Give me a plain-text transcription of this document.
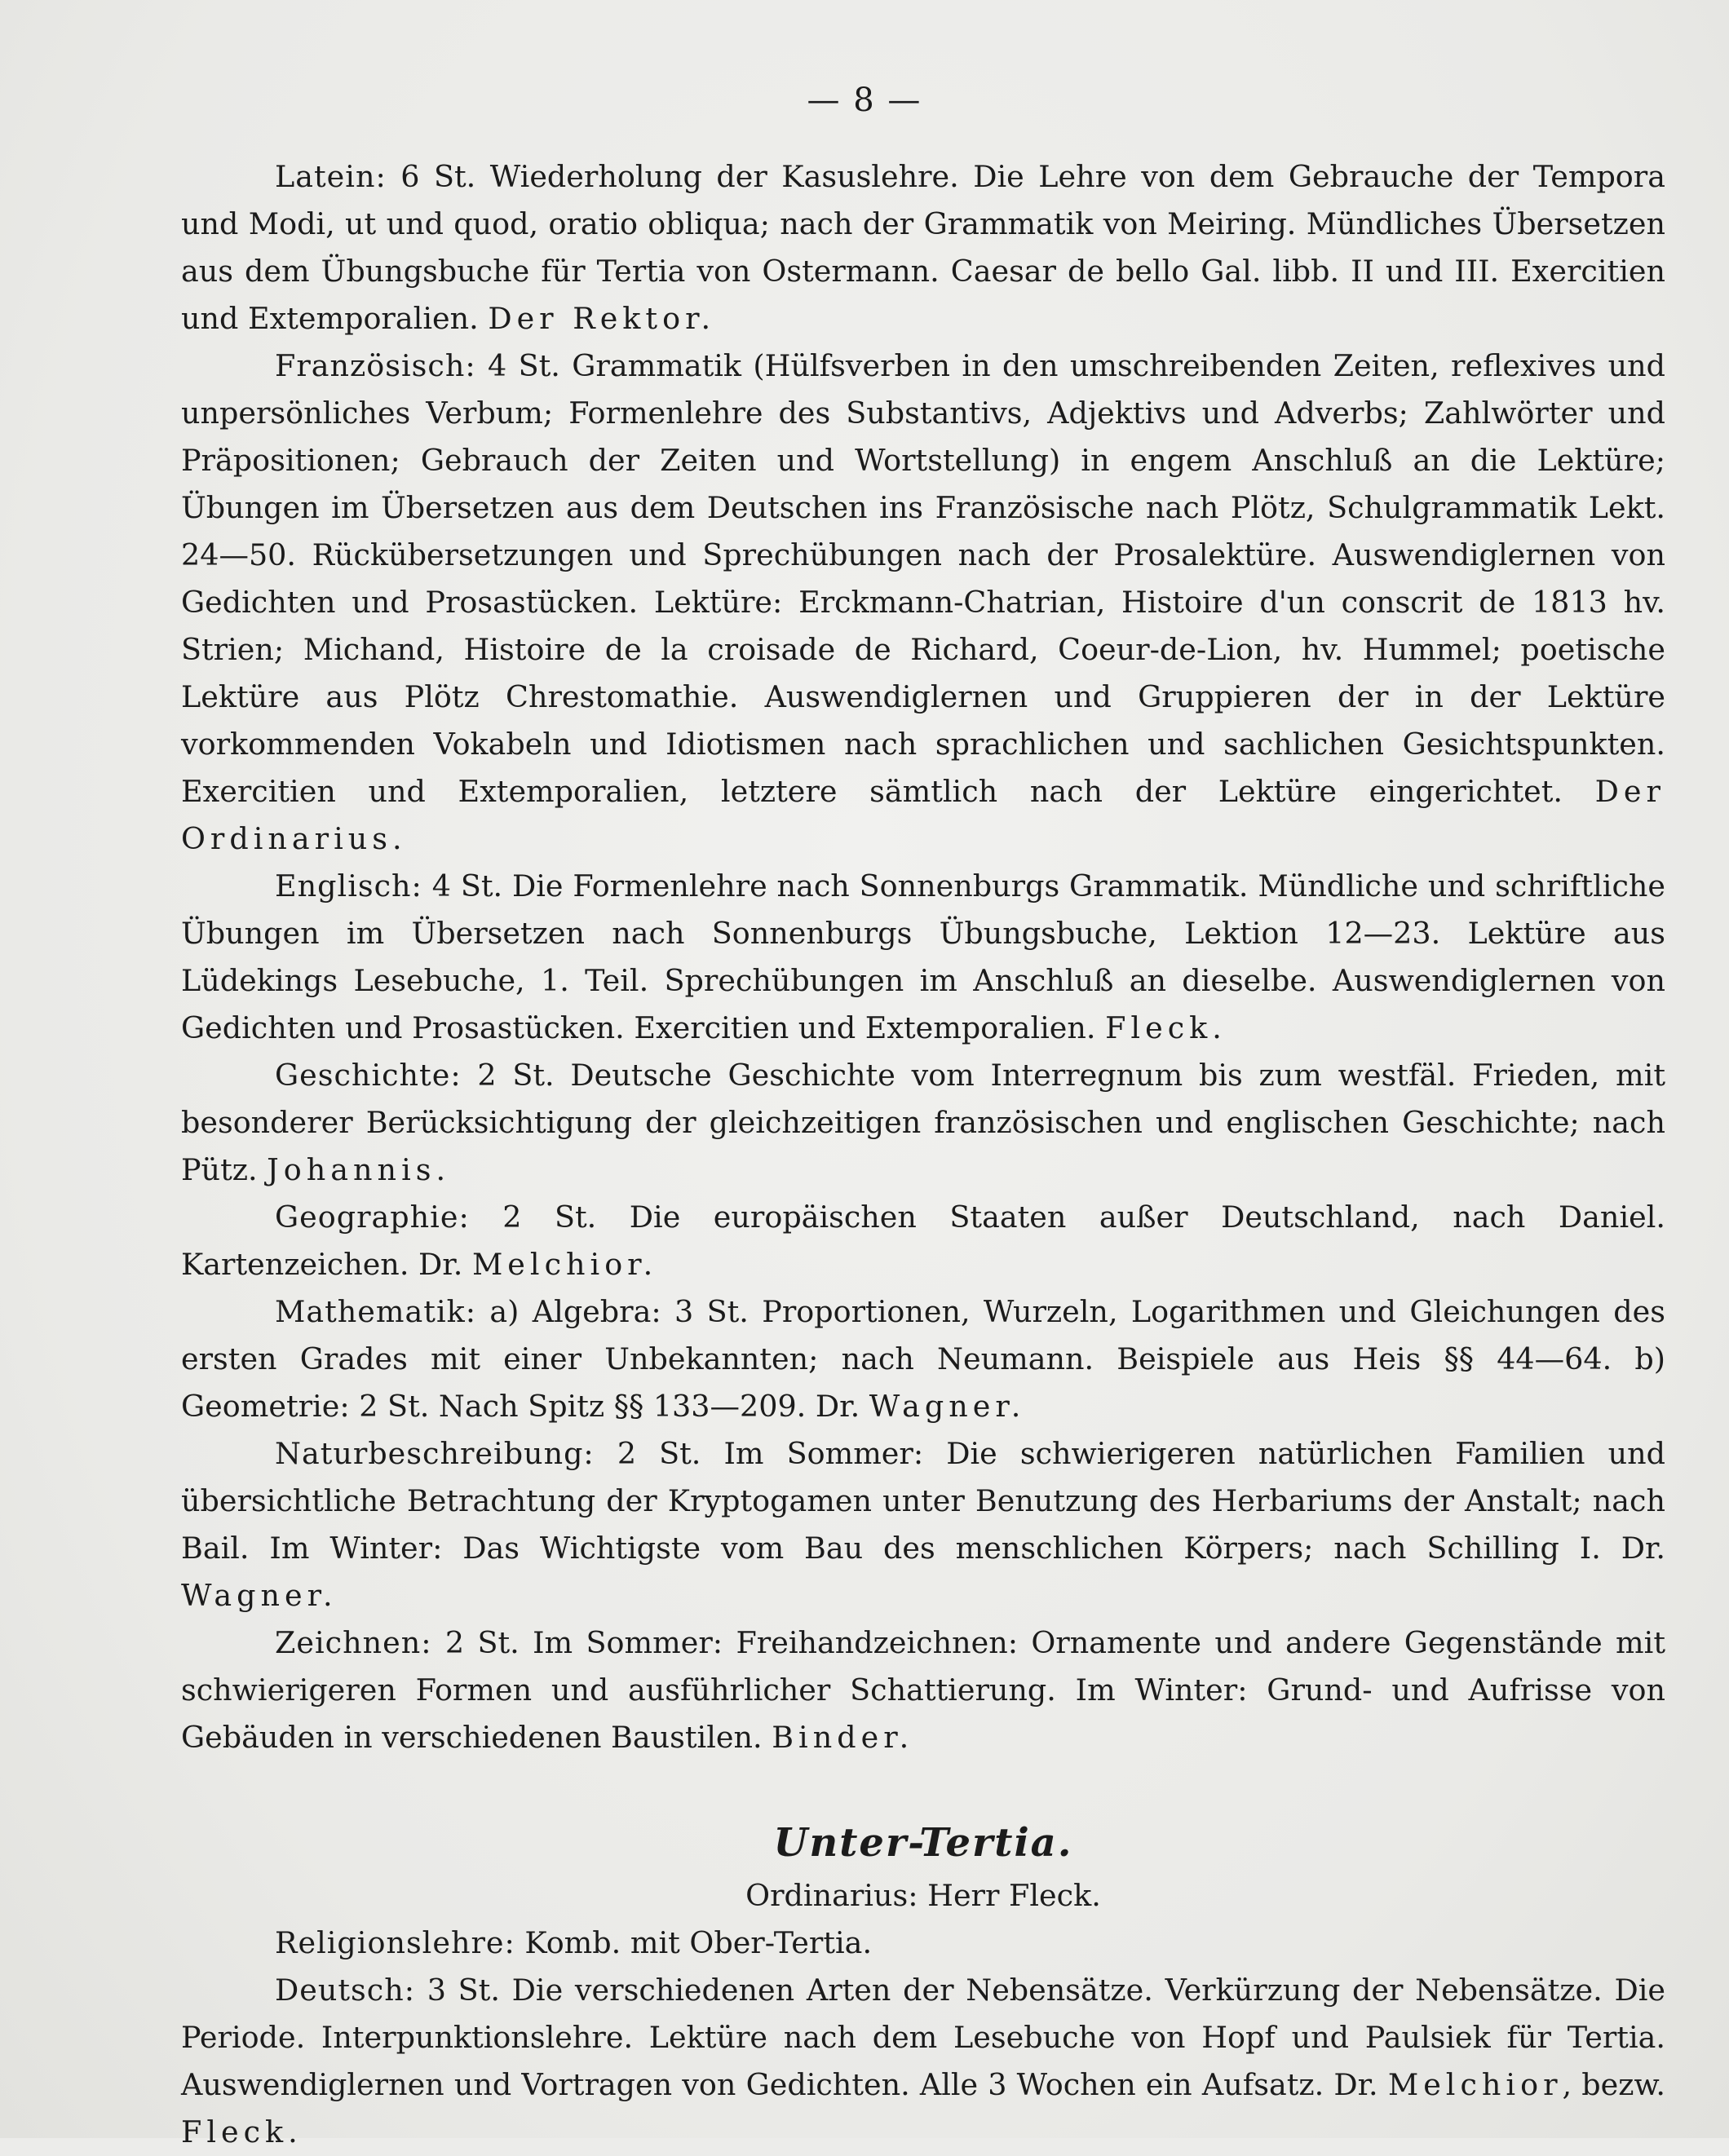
— 8 —

Latein: 6 St. Wiederholung der Kasuslehre. Die Lehre von dem Gebrauche der Tempora und Modi, ut und quod, oratio obliqua; nach der Grammatik von Meiring. Mündliches Übersetzen aus dem Übungsbuche für Tertia von Ostermann. Caesar de bello Gal. libb. II und III. Exercitien und Extemporalien. Der Rektor.

Französisch: 4 St. Grammatik (Hülfsverben in den umschreibenden Zeiten, reflexives und unpersönliches Verbum; Formenlehre des Substantivs, Adjektivs und Adverbs; Zahlwörter und Präpositionen; Gebrauch der Zeiten und Wortstellung) in engem Anschluß an die Lektüre; Übungen im Übersetzen aus dem Deutschen ins Französische nach Plötz, Schulgrammatik Lekt. 24—50. Rückübersetzungen und Sprechübungen nach der Prosalektüre. Auswendiglernen von Gedichten und Prosastücken. Lektüre: Erckmann-Chatrian, Histoire d'un conscrit de 1813 hv. Strien; Michand, Histoire de la croisade de Richard, Coeur-de-Lion, hv. Hummel; poetische Lektüre aus Plötz Chrestomathie. Auswendiglernen und Gruppieren der in der Lektüre vorkommenden Vokabeln und Idiotismen nach sprachlichen und sachlichen Gesichtspunkten. Exercitien und Extemporalien, letztere sämtlich nach der Lektüre eingerichtet. Der Ordinarius.

Englisch: 4 St. Die Formenlehre nach Sonnenburgs Grammatik. Mündliche und schriftliche Übungen im Übersetzen nach Sonnenburgs Übungsbuche, Lektion 12—23. Lektüre aus Lüdekings Lesebuche, 1. Teil. Sprechübungen im Anschluß an dieselbe. Auswendiglernen von Gedichten und Prosastücken. Exercitien und Extemporalien. Fleck.

Geschichte: 2 St. Deutsche Geschichte vom Interregnum bis zum westfäl. Frieden, mit besonderer Berücksichtigung der gleichzeitigen französischen und englischen Geschichte; nach Pütz. Johannis.

Geographie: 2 St. Die europäischen Staaten außer Deutschland, nach Daniel. Kartenzeichen. Dr. Melchior.

Mathematik: a) Algebra: 3 St. Proportionen, Wurzeln, Logarithmen und Gleichungen des ersten Grades mit einer Unbekannten; nach Neumann. Beispiele aus Heis §§ 44—64. b) Geometrie: 2 St. Nach Spitz §§ 133—209. Dr. Wagner.

Naturbeschreibung: 2 St. Im Sommer: Die schwierigeren natürlichen Familien und übersichtliche Betrachtung der Kryptogamen unter Benutzung des Herbariums der Anstalt; nach Bail. Im Winter: Das Wichtigste vom Bau des menschlichen Körpers; nach Schilling I. Dr. Wagner.

Zeichnen: 2 St. Im Sommer: Freihandzeichnen: Ornamente und andere Gegenstände mit schwierigeren Formen und ausführlicher Schattierung. Im Winter: Grund- und Aufrisse von Gebäuden in verschiedenen Baustilen. Binder.

Unter-Tertia.
Ordinarius: Herr Fleck.

Religionslehre: Komb. mit Ober-Tertia.

Deutsch: 3 St. Die verschiedenen Arten der Nebensätze. Verkürzung der Nebensätze. Die Periode. Interpunktionslehre. Lektüre nach dem Lesebuche von Hopf und Paulsiek für Tertia. Auswendiglernen und Vortragen von Gedichten. Alle 3 Wochen ein Aufsatz. Dr. Melchior, bezw. Fleck.
